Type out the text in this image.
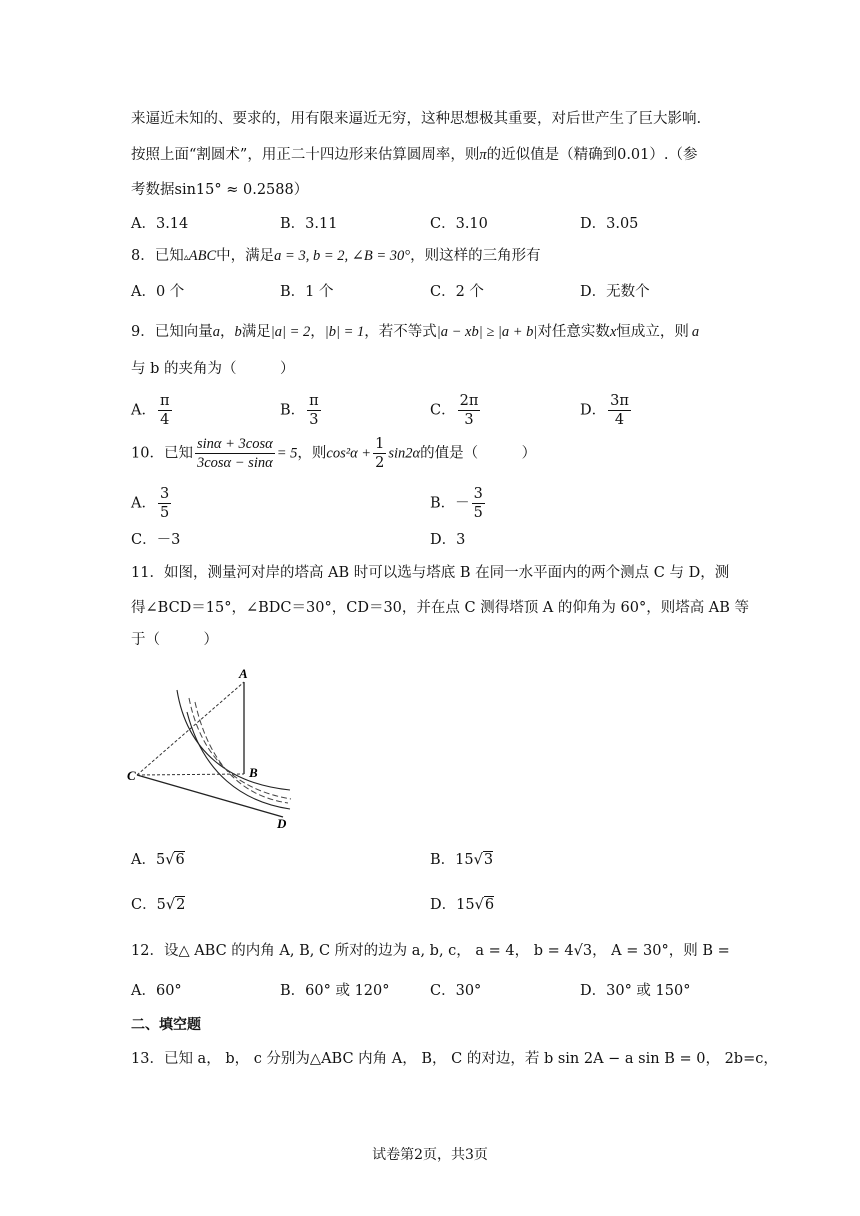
来逼近未知的、要求的，用有限来逼近无穷，这种思想极其重要，对后世产生了巨大影响.
按照上面“割圆术”，用正二十四边形来估算圆周率，则π的近似值是（精确到0.01）.（参
考数据sin15° ≈ 0.2588）
A．3.14	B．3.11	C．3.10	D．3.05
8．已知▵ABC中，满足a = 3, b = 2, ∠B = 30°，则这样的三角形有
A．0 个	B．1 个	C．2 个	D．无数个
9．已知向量a，b满足|a| = 2，|b| = 1，若不等式|a − xb| ≥ |a + b|对任意实数x恒成立，则 a
与 b 的夹角为（　　　）
A． $\frac{\pi}{4}$	B． $\frac{\pi}{3}$	C． $\frac{2\pi}{3}$	D． $\frac{3\pi}{4}$
10．已知 $\frac{\sin\alpha + 3\cos\alpha}{3\cos\alpha - \sin\alpha} = 5$，则$\cos^2\alpha + \frac{1}{2} \sin 2\alpha$的值是（　　　）
A． $\frac{3}{5}$	B．－ $\frac{3}{5}$
C．－3	D．3
11．如图，测量河对岸的塔高 AB 时可以选与塔底 B 在同一水平面内的两个测点 C 与 D，测
得∠BCD＝15°，∠BDC＝30°，CD＝30，并在点 C 测得塔顶 A 的仰角为 60°，则塔高 AB 等
于（　　　）
A
B
C
D
A．5√6	B．15√3
C．5√2	D．15√6
12．设△ ABC 的内角 A, B, C 所对的边为 a, b, c， a = 4， b = 4√3， A = 30°，则 B =
A．60°	B．60° 或 120°	C．30°	D．30° 或 150°
二、填空题
13．已知 a， b， c 分别为△ABC 内角 A， B， C 的对边，若 b sin 2A − a sin B = 0， 2b=c，
试卷第2页，共3页
